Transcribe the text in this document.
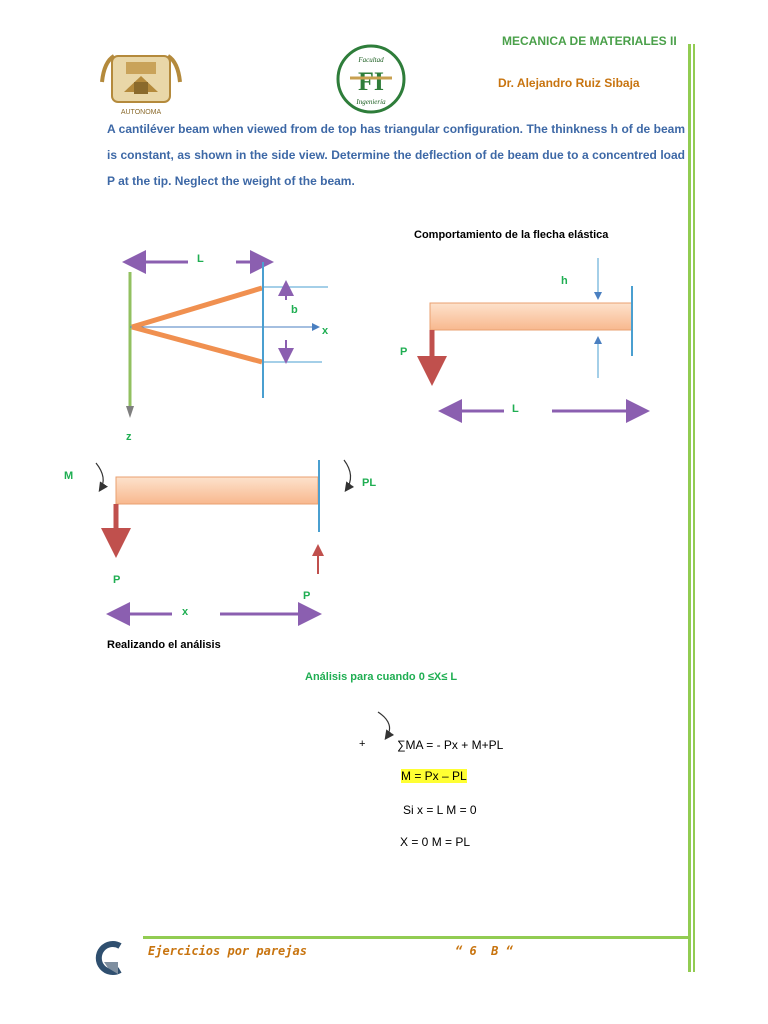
MECANICA DE MATERIALES II
Dr. Alejandro Ruiz Sibaja
AUTONOMA
Facultad
FI
Ingeniería
A cantiléver beam when viewed from de top has triangular configuration. The thinkness h of de beam is constant, as shown in the side view. Determine the deflection of de beam due to a concentred load P at the tip. Neglect the weight of the beam.
L
b
x
z
Comportamiento de la flecha elástica
h
P
L
M
PL
P
P
x
Realizando el análisis
Análisis para cuando 0 ≤X≤ L
+	∑MA = - Px + M+PL
M = Px – PL
Si x = L M = 0
X = 0 M = PL
Ejercicios por parejas	“ 6  B “
